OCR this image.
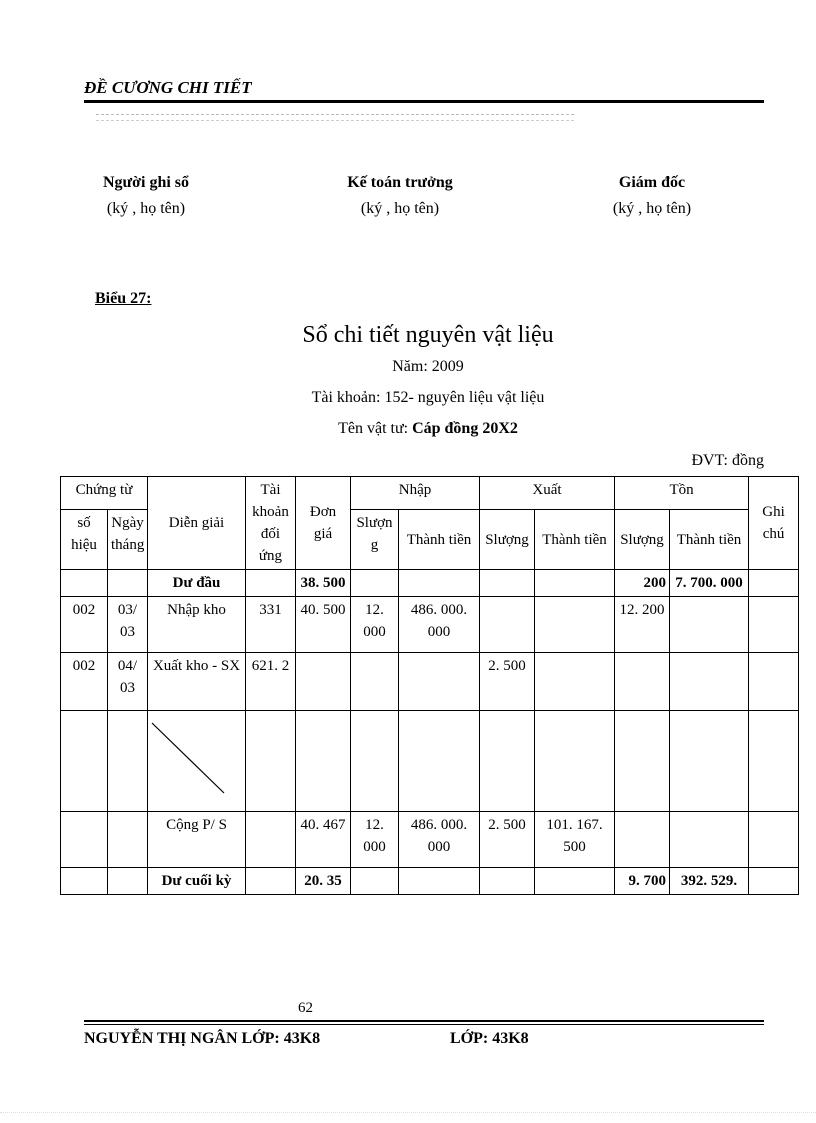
ĐỀ CƯƠNG CHI TIẾT
Người ghi sổ
(ký , họ tên)
Kế toán trưởng
(ký , họ tên)
Giám đốc
(ký , họ tên)
Biểu 27:
Sổ chi tiết nguyên vật liệu
Năm: 2009
Tài khoản: 152- nguyên liệu vật liệu
Tên vật tư: Cáp đồng 20X2
ĐVT: đồng
Chứng từ		Diễn giải	Tài khoản đối ứng	Đơn giá	Nhập		Xuất		Tồn		Ghi chú
số hiệu	Ngày tháng				Slượn g	Thành tiền	Slượng	Thành tiền	Slượng	Thành tiền	
		Dư đầu		38. 500					200	7. 700. 000	
002	03/ 03	Nhập kho	331	40. 500	12. 000	486. 000. 000			12. 200		
002	04/ 03	Xuất kho - SX	621. 2				2. 500				

		Cộng P/ S		40. 467	12. 000	486. 000. 000	2. 500	101. 167. 500			
		Dư cuối kỳ		20. 35					9. 700	392. 529.	
62
NGUYỄN THỊ NGÂN LỚP: 43K8	LỚP: 43K8
